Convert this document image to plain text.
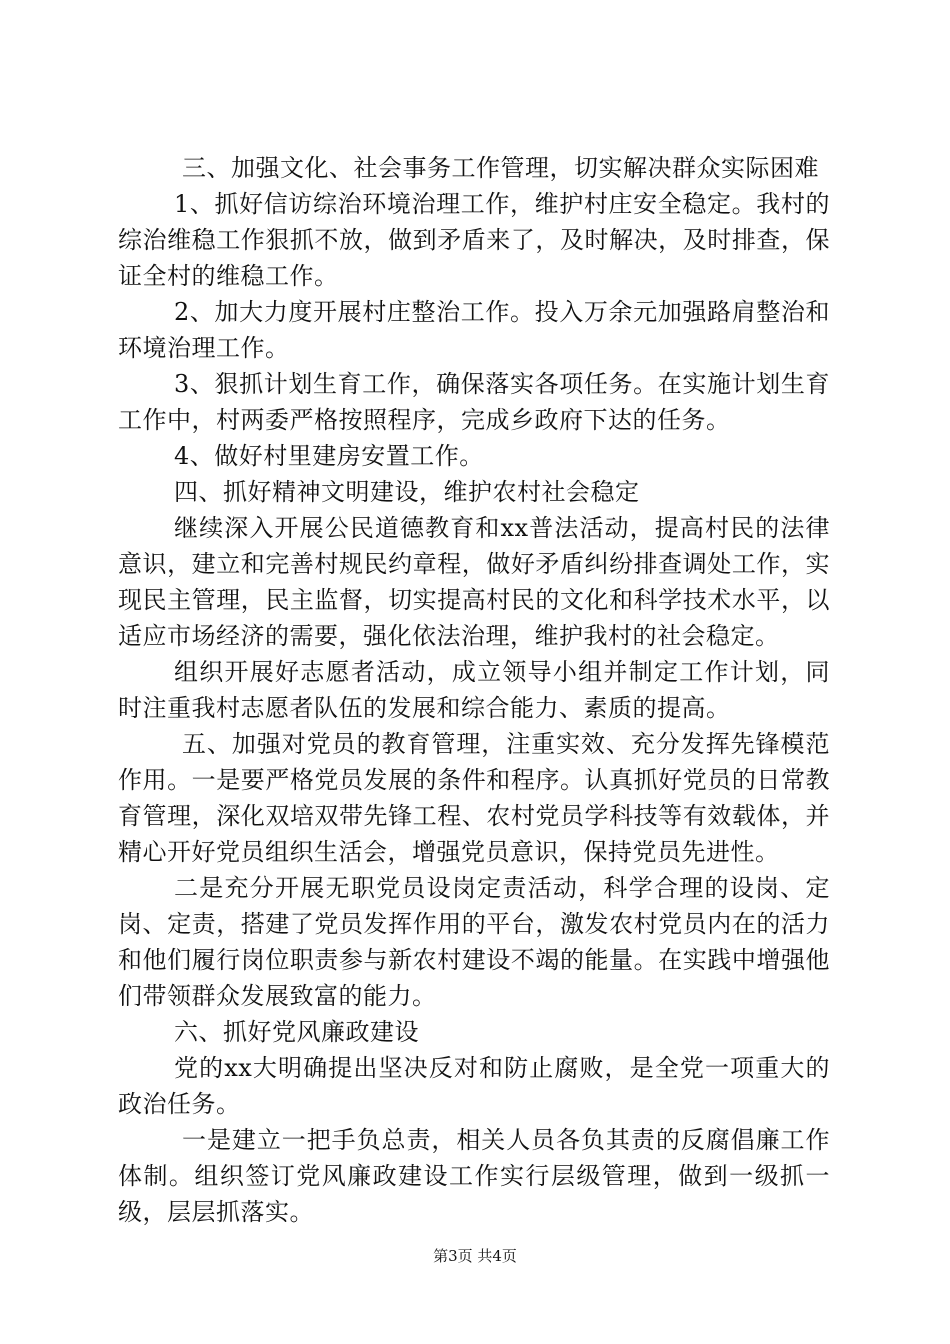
三、加强文化、社会事务工作管理，切实解决群众实际困难

1、抓好信访综治环境治理工作，维护村庄安全稳定。我村的综治维稳工作狠抓不放，做到矛盾来了，及时解决，及时排查，保证全村的维稳工作。

2、加大力度开展村庄整治工作。投入万余元加强路肩整治和环境治理工作。

3、狠抓计划生育工作，确保落实各项任务。在实施计划生育工作中，村两委严格按照程序，完成乡政府下达的任务。

4、做好村里建房安置工作。

四、抓好精神文明建设，维护农村社会稳定

继续深入开展公民道德教育和xx普法活动，提高村民的法律意识，建立和完善村规民约章程，做好矛盾纠纷排查调处工作，实现民主管理，民主监督，切实提高村民的文化和科学技术水平，以适应市场经济的需要，强化依法治理，维护我村的社会稳定。

组织开展好志愿者活动，成立领导小组并制定工作计划，同时注重我村志愿者队伍的发展和综合能力、素质的提高。

五、加强对党员的教育管理，注重实效、充分发挥先锋模范作用。一是要严格党员发展的条件和程序。认真抓好党员的日常教育管理，深化双培双带先锋工程、农村党员学科技等有效载体，并精心开好党员组织生活会，增强党员意识，保持党员先进性。

二是充分开展无职党员设岗定责活动，科学合理的设岗、定岗、定责，搭建了党员发挥作用的平台，激发农村党员内在的活力和他们履行岗位职责参与新农村建设不竭的能量。在实践中增强他们带领群众发展致富的能力。

六、抓好党风廉政建设

党的xx大明确提出坚决反对和防止腐败，是全党一项重大的政治任务。

一是建立一把手负总责，相关人员各负其责的反腐倡廉工作体制。组织签订党风廉政建设工作实行层级管理，做到一级抓一级，层层抓落实。

第3页 共4页
